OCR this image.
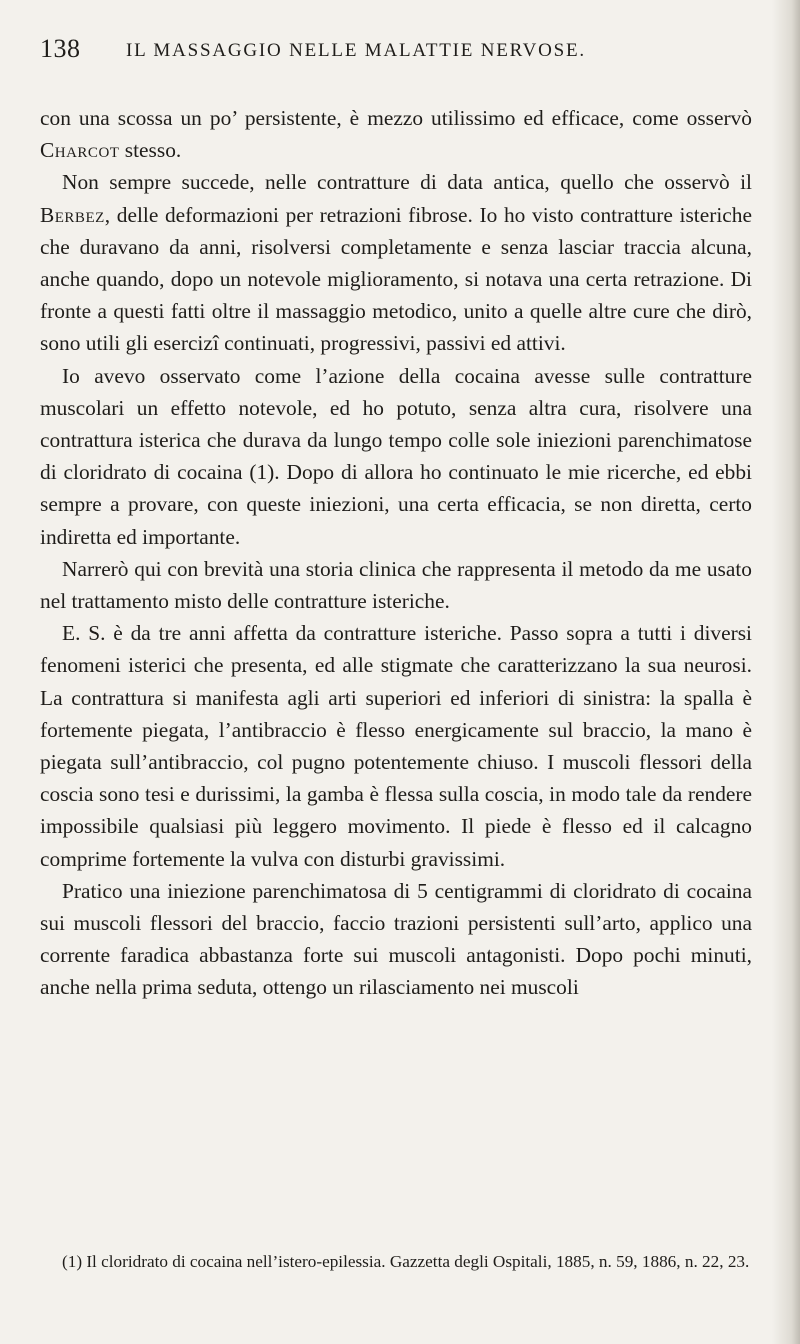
138 IL MASSAGGIO NELLE MALATTIE NERVOSE.

con una scossa un po’ persistente, è mezzo utilissimo ed efficace, come osservò Charcot stesso.

Non sempre succede, nelle contratture di data antica, quello che osservò il Berbez, delle deformazioni per retrazioni fibrose. Io ho visto contratture isteriche che duravano da anni, risolversi completamente e senza lasciar traccia alcuna, anche quando, dopo un notevole miglioramento, si notava una certa retrazione. Di fronte a questi fatti oltre il massaggio metodico, unito a quelle altre cure che dirò, sono utili gli esercizî continuati, progressivi, passivi ed attivi.

Io avevo osservato come l’azione della cocaina avesse sulle contratture muscolari un effetto notevole, ed ho potuto, senza altra cura, risolvere una contrattura isterica che durava da lungo tempo colle sole iniezioni parenchimatose di cloridrato di cocaina (1). Dopo di allora ho continuato le mie ricerche, ed ebbi sempre a provare, con queste iniezioni, una certa efficacia, se non diretta, certo indiretta ed importante.

Narrerò qui con brevità una storia clinica che rappresenta il metodo da me usato nel trattamento misto delle contratture isteriche.

E. S. è da tre anni affetta da contratture isteriche. Passo sopra a tutti i diversi fenomeni isterici che presenta, ed alle stigmate che caratterizzano la sua neurosi. La contrattura si manifesta agli arti superiori ed inferiori di sinistra: la spalla è fortemente piegata, l’antibraccio è flesso energicamente sul braccio, la mano è piegata sull’antibraccio, col pugno potentemente chiuso. I muscoli flessori della coscia sono tesi e durissimi, la gamba è flessa sulla coscia, in modo tale da rendere impossibile qualsiasi più leggero movimento. Il piede è flesso ed il calcagno comprime fortemente la vulva con disturbi gravissimi.

Pratico una iniezione parenchimatosa di 5 centigrammi di cloridrato di cocaina sui muscoli flessori del braccio, faccio trazioni persistenti sull’arto, applico una corrente faradica abbastanza forte sui muscoli antagonisti. Dopo pochi minuti, anche nella prima seduta, ottengo un rilasciamento nei muscoli

(1) Il cloridrato di cocaina nell’istero-epilessia. Gazzetta degli Ospitali, 1885, n. 59, 1886, n. 22, 23.
